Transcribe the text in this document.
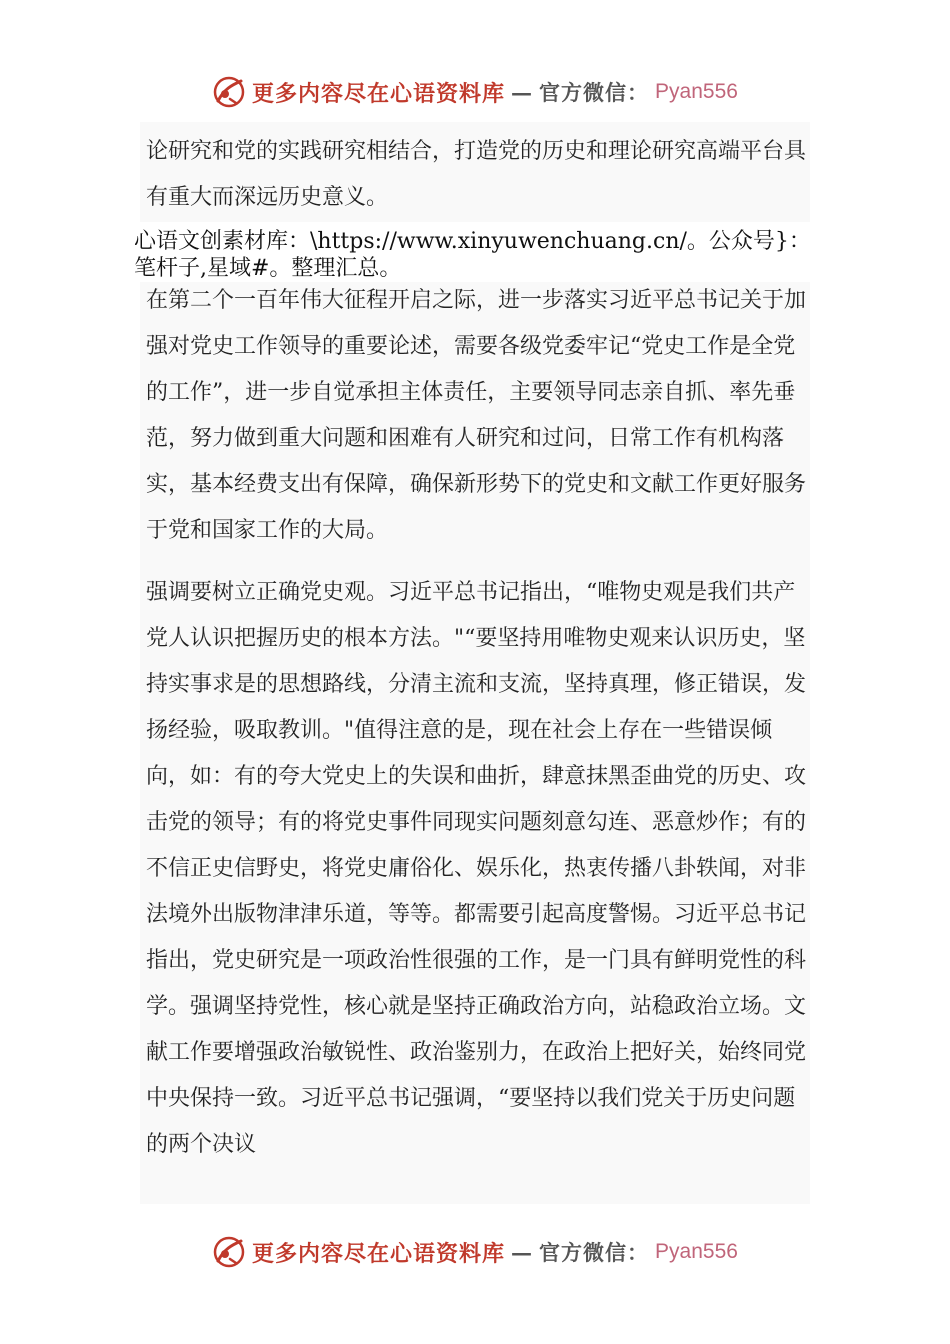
更多内容尽在心语资料库 — 官方微信： Pyan556

论研究和党的实践研究相结合，打造党的历史和理论研究高端平台具有重大而深远历史意义。

心语文创素材库：\https://www.xinyuwenchuang.cn/。公众号}：笔杆子,星域#。整理汇总。

在第二个一百年伟大征程开启之际，进一步落实习近平总书记关于加强对党史工作领导的重要论述，需要各级党委牢记“党史工作是全党的工作”，进一步自觉承担主体责任，主要领导同志亲自抓、率先垂范，努力做到重大问题和困难有人研究和过问，日常工作有机构落实，基本经费支出有保障，确保新形势下的党史和文献工作更好服务于党和国家工作的大局。

强调要树立正确党史观。习近平总书记指出，“唯物史观是我们共产党人认识把握历史的根本方法。"“要坚持用唯物史观来认识历史，坚持实事求是的思想路线，分清主流和支流，坚持真理，修正错误，发扬经验，吸取教训。"值得注意的是，现在社会上存在一些错误倾向，如：有的夸大党史上的失误和曲折，肆意抹黑歪曲党的历史、攻击党的领导；有的将党史事件同现实问题刻意勾连、恶意炒作；有的不信正史信野史，将党史庸俗化、娱乐化，热衷传播八卦轶闻，对非法境外出版物津津乐道，等等。都需要引起高度警惕。习近平总书记指出，党史研究是一项政治性很强的工作，是一门具有鲜明党性的科学。强调坚持党性，核心就是坚持正确政治方向，站稳政治立场。文献工作要增强政治敏锐性、政治鉴别力，在政治上把好关，始终同党中央保持一致。习近平总书记强调，“要坚持以我们党关于历史问题的两个决议

更多内容尽在心语资料库 — 官方微信： Pyan556
